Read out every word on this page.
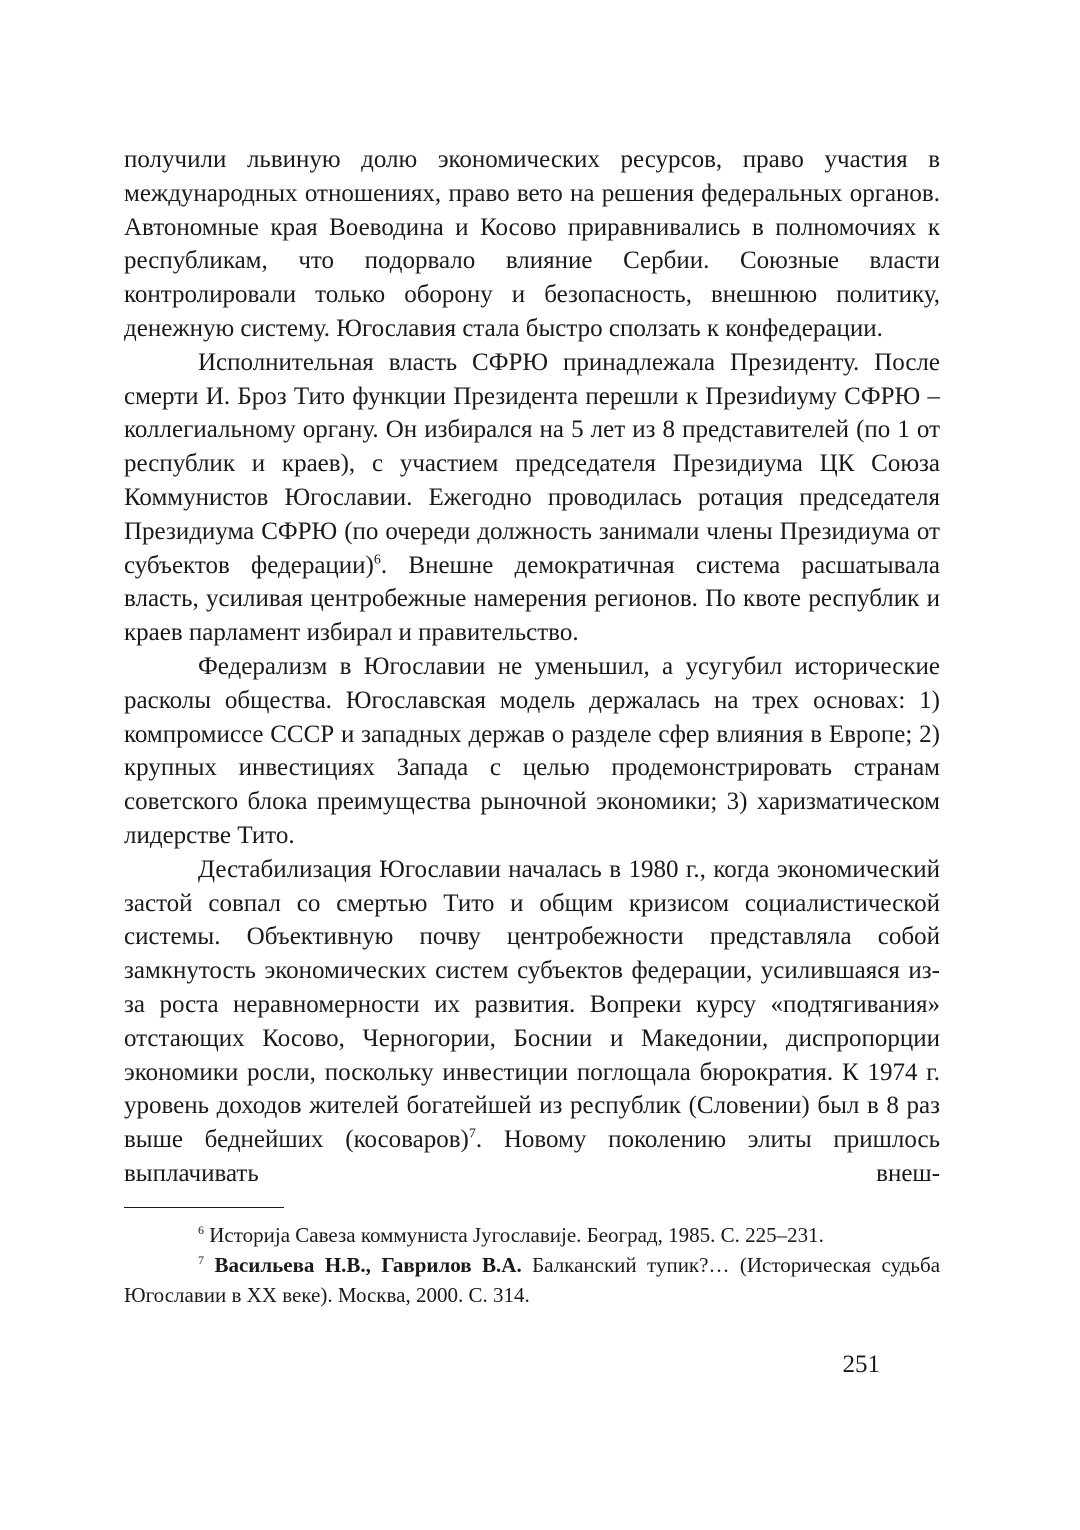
получили львиную долю экономических ресурсов, право участия в международных отношениях, право вето на решения федеральных органов. Автономные края Воеводина и Косово приравнивались в полномочиях к республикам, что подорвало влияние Сербии. Союзные власти контролировали только оборону и безопасность, внешнюю политику, денежную систему. Югославия стала быстро сползать к конфедерации.

Исполнительная власть СФРЮ принадлежала Президенту. После смерти И. Броз Тито функции Президента перешли к Презиdиуму СФРЮ – коллегиальному органу. Он избирался на 5 лет из 8 представителей (по 1 от республик и краев), с участием председателя Президиума ЦК Союза Коммунистов Югославии. Ежегодно проводилась ротация председателя Президиума СФРЮ (по очереди должность занимали члены Президиума от субъектов федерации)$^6$. Внешне демократичная система расшатывала власть, усиливая центробежные намерения регионов. По квоте республик и краев парламент избирал и правительство.

Федерализм в Югославии не уменьшил, а усугубил исторические расколы общества. Югославская модель держалась на трех основах: 1) компромиссе СССР и западных держав о разделе сфер влияния в Европе; 2) крупных инвестициях Запада с целью продемонстрировать странам советского блока преимущества рыночной экономики; 3) харизматическом лидерстве Тито.

Дестабилизация Югославии началась в 1980 г., когда экономический застой совпал со смертью Тито и общим кризисом социалистической системы. Объективную почву центробежности представляла собой замкнутость экономических систем субъектов федерации, усилившаяся из-за роста неравномерности их развития. Вопреки курсу «подтягивания» отстающих Косово, Черногории, Боснии и Македонии, диспропорции экономики росли, поскольку инвестиции поглощала бюрократия. К 1974 г. уровень доходов жителей богатейшей из республик (Словении) был в 8 раз выше беднейших (косоваров)$^7$. Новому поколению элиты пришлось выплачивать внеш-

$^6$ Историја Савеза коммуниста Југославије. Београд, 1985. С. 225–231.

$^7$ Васильева Н.В., Гаврилов В.А. Балканский тупик?… (Историческая судьба Югославии в XX веке). Москва, 2000. С. 314.

251
